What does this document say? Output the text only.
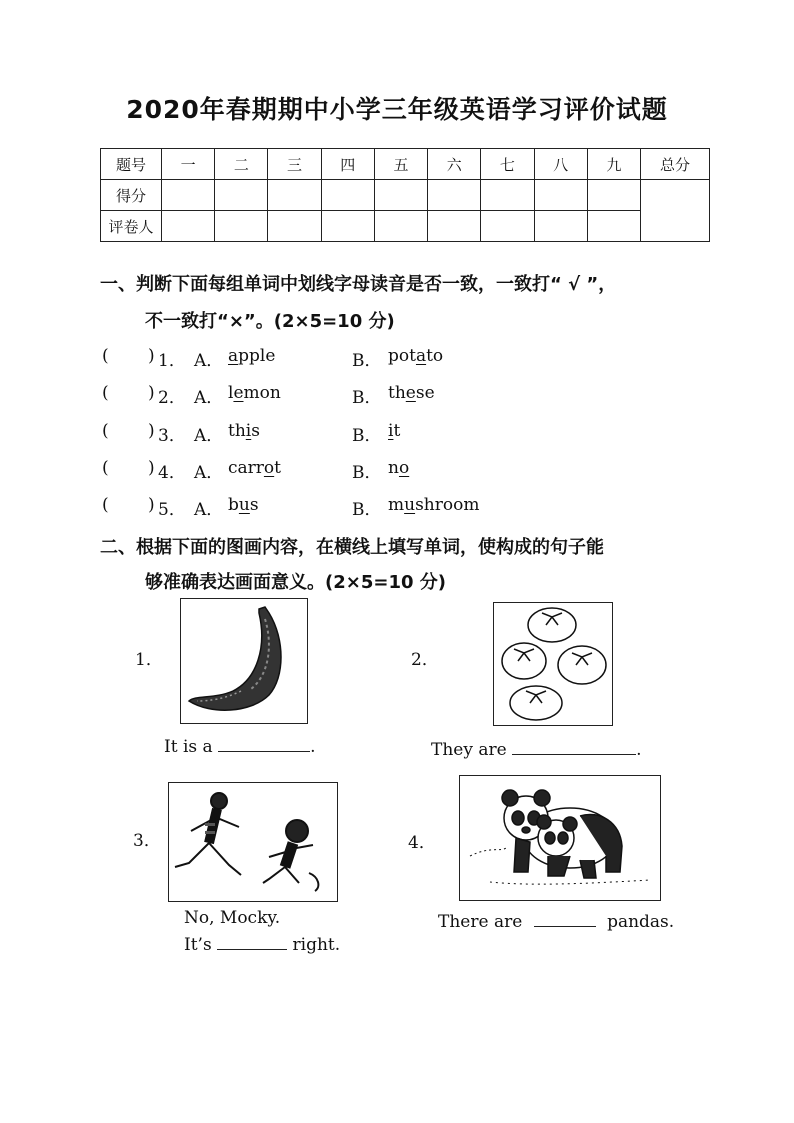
2020年春期期中小学三年级英语学习评价试题
题号	一	二	三	四	五	六	七	八	九	总分
得分										
评卷人										
一、判断下面每组单词中划线字母读音是否一致，一致打“ √ ”，
不一致打“×”。(2×5=10 分)
( ) 1． A． apple	B． potato
( ) 2． A． lemon	B． these
( ) 3． A． this	B． it
( ) 4． A． carrot	B． no
( ) 5． A． bus	B． mushroom
二、根据下面的图画内容，在横线上填写单词，使构成的句子能
够准确表达画面意义。(2×5=10 分)
1．
It is a	.
2．
They are	.
3．
No, Mocky.
It’s	right.
4．
There are	pandas.
